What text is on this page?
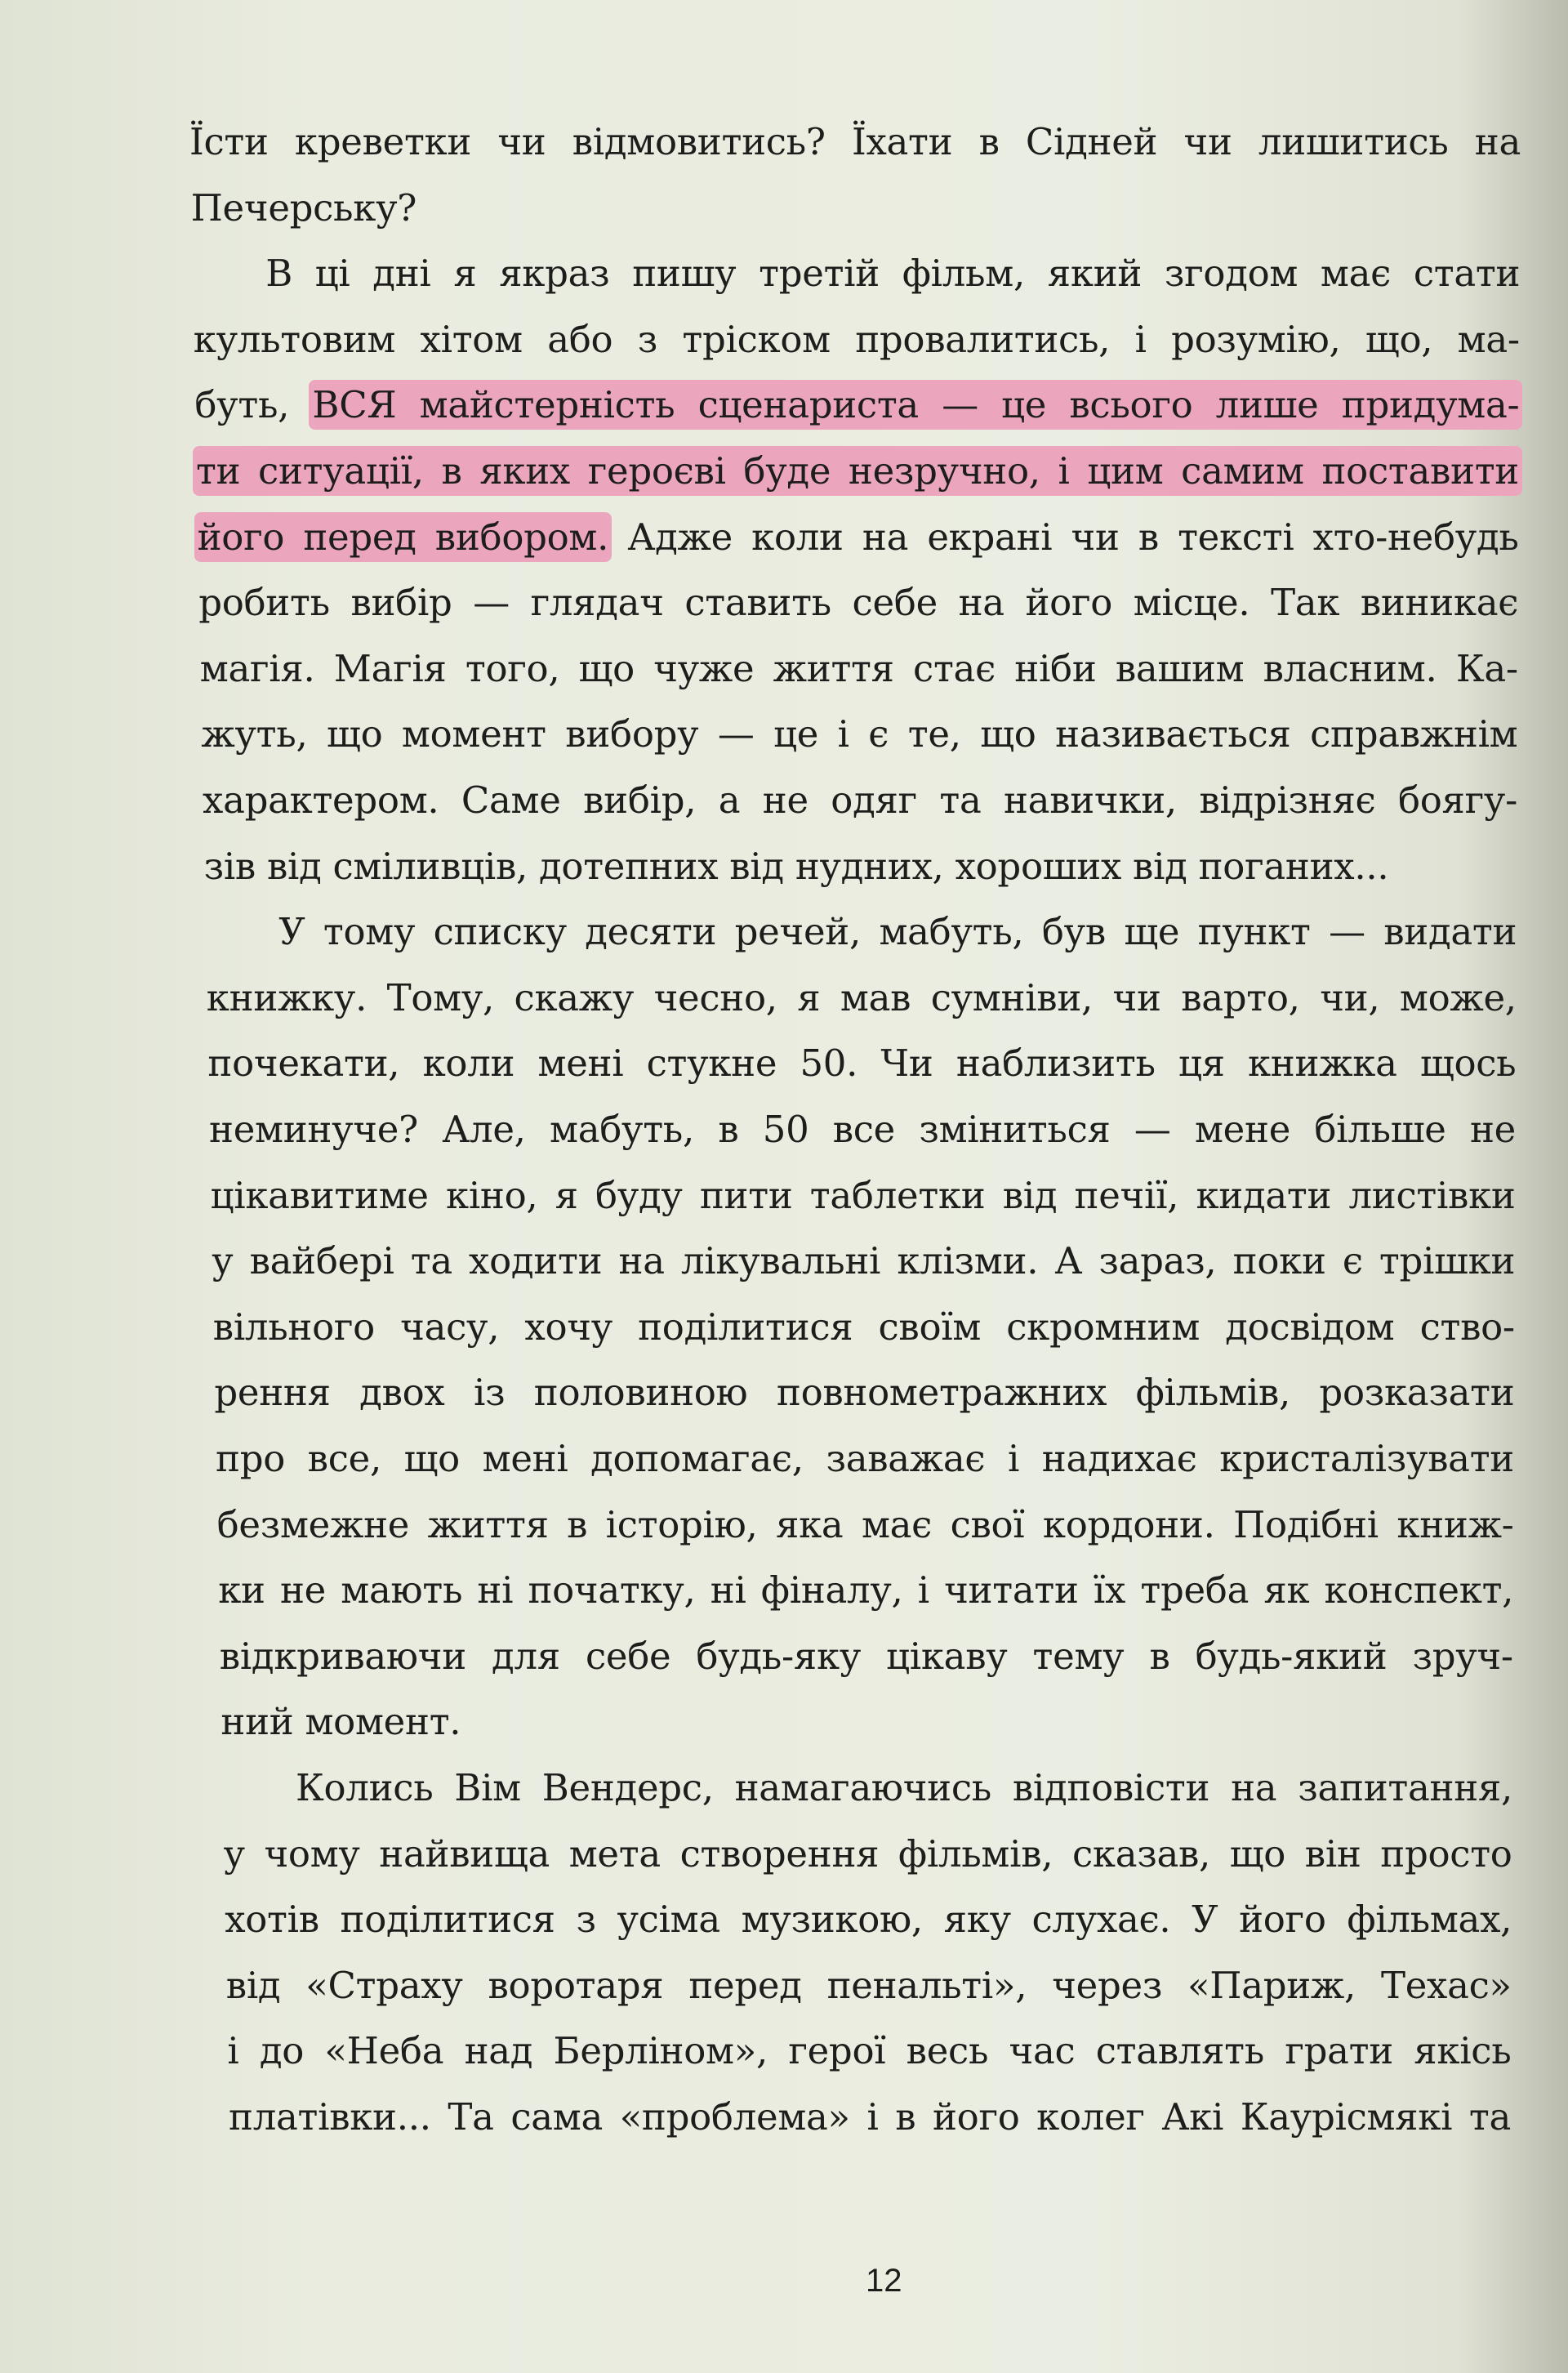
Їсти креветки чи відмовитись? Їхати в Сідней чи лишитись на
Печерську?
В ці дні я якраз пишу третій фільм, який згодом має стати
культовим хітом або з тріском провалитись, і розумію, що, ма-
буть, ВСЯ майстерність сценариста — це всього лише придума-
ти ситуації, в яких героєві буде незручно, і цим самим поставити
його перед вибором. Адже коли на екрані чи в тексті хто-небудь
робить вибір — глядач ставить себе на його місце. Так виникає
магія. Магія того, що чуже життя стає ніби вашим власним. Ка-
жуть, що момент вибору — це і є те, що називається справжнім
характером. Саме вибір, а не одяг та навички, відрізняє боягу-
зів від сміливців, дотепних від нудних, хороших від поганих...
У тому списку десяти речей, мабуть, був ще пункт — видати
книжку. Тому, скажу чесно, я мав сумніви, чи варто, чи, може,
почекати, коли мені стукне 50. Чи наблизить ця книжка щось
неминуче? Але, мабуть, в 50 все зміниться — мене більше не
цікавитиме кіно, я буду пити таблетки від печії, кидати листівки
у вайбері та ходити на лікувальні клізми. А зараз, поки є трішки
вільного часу, хочу поділитися своїм скромним досвідом ство-
рення двох із половиною повнометражних фільмів, розказати
про все, що мені допомагає, заважає і надихає кристалізувати
безмежне життя в історію, яка має свої кордони. Подібні книж-
ки не мають ні початку, ні фіналу, і читати їх треба як конспект,
відкриваючи для себе будь-яку цікаву тему в будь-який зруч-
ний момент.
Колись Вім Вендерс, намагаючись відповісти на запитання,
у чому найвища мета створення фільмів, сказав, що він просто
хотів поділитися з усіма музикою, яку слухає. У його фільмах,
від «Страху воротаря перед пенальті», через «Париж, Техас»
і до «Неба над Берліном», герої весь час ставлять грати якісь
платівки... Та сама «проблема» і в його колег Акі Каурісмякі та
12
